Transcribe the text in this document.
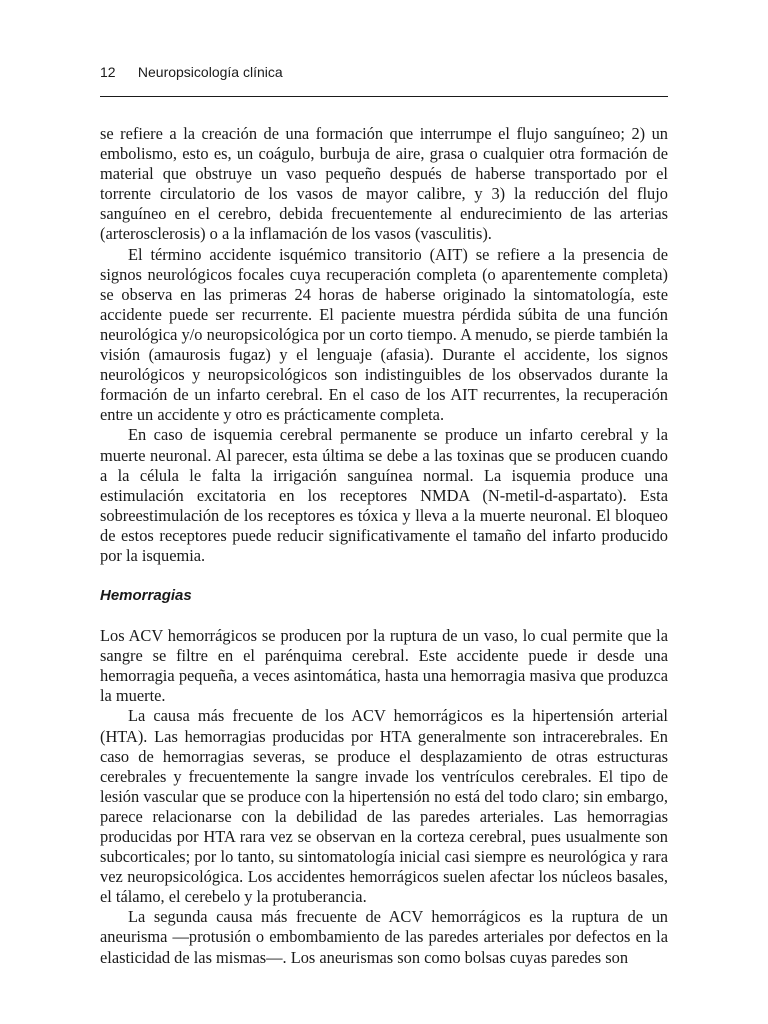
12 Neuropsicología clínica

se refiere a la creación de una formación que interrumpe el flujo sanguíneo; 2) un embolismo, esto es, un coágulo, burbuja de aire, grasa o cualquier otra formación de material que obstruye un vaso pequeño después de haberse transportado por el torrente circulatorio de los vasos de mayor calibre, y 3) la reducción del flujo sanguíneo en el cerebro, debida frecuentemente al endurecimiento de las arterias (arterosclerosis) o a la inflamación de los vasos (vasculitis).

El término accidente isquémico transitorio (AIT) se refiere a la presencia de signos neurológicos focales cuya recuperación completa (o aparentemente completa) se observa en las primeras 24 horas de haberse originado la sintomatología, este accidente puede ser recurrente. El paciente muestra pérdida súbita de una función neurológica y/o neuropsicológica por un corto tiempo. A menudo, se pierde también la visión (amaurosis fugaz) y el lenguaje (afasia). Durante el accidente, los signos neurológicos y neuropsicológicos son indistinguibles de los observados durante la formación de un infarto cerebral. En el caso de los AIT recurrentes, la recuperación entre un accidente y otro es prácticamente completa.

En caso de isquemia cerebral permanente se produce un infarto cerebral y la muerte neuronal. Al parecer, esta última se debe a las toxinas que se producen cuando a la célula le falta la irrigación sanguínea normal. La isquemia produce una estimulación excitatoria en los receptores NMDA (N-metil-d-aspartato). Esta sobreestimulación de los receptores es tóxica y lleva a la muerte neuronal. El bloqueo de estos receptores puede reducir significativamente el tamaño del infarto producido por la isquemia.

Hemorragias

Los ACV hemorrágicos se producen por la ruptura de un vaso, lo cual permite que la sangre se filtre en el parénquima cerebral. Este accidente puede ir desde una hemorragia pequeña, a veces asintomática, hasta una hemorragia masiva que produzca la muerte.

La causa más frecuente de los ACV hemorrágicos es la hipertensión arterial (HTA). Las hemorragias producidas por HTA generalmente son intracerebrales. En caso de hemorragias severas, se produce el desplazamiento de otras estructuras cerebrales y frecuentemente la sangre invade los ventrículos cerebrales. El tipo de lesión vascular que se produce con la hipertensión no está del todo claro; sin embargo, parece relacionarse con la debilidad de las paredes arteriales. Las hemorragias producidas por HTA rara vez se observan en la corteza cerebral, pues usualmente son subcorticales; por lo tanto, su sintomatología inicial casi siempre es neurológica y rara vez neuropsicológica. Los accidentes hemorrágicos suelen afectar los núcleos basales, el tálamo, el cerebelo y la protuberancia.

La segunda causa más frecuente de ACV hemorrágicos es la ruptura de un aneurisma —protusión o embombamiento de las paredes arteriales por defectos en la elasticidad de las mismas—. Los aneurismas son como bolsas cuyas paredes son
